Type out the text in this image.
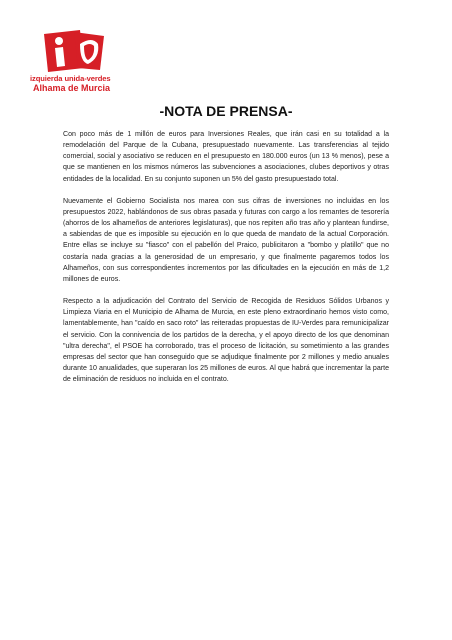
izquierda unida-verdes
Alhama de Murcia
-NOTA DE PRENSA-

Con poco más de 1 millón de euros para Inversiones Reales, que irán casi en su totalidad a la remodelación del Parque de la Cubana, presupuestado nuevamente. Las transferencias al tejido comercial, social y asociativo se reducen en el presupuesto en 180.000 euros (un 13 % menos), pese a que se mantienen en los mismos números las subvenciones a asociaciones, clubes deportivos y otras entidades de la localidad. En su conjunto suponen un 5% del gasto presupuestado total.

Nuevamente el Gobierno Socialista nos marea con sus cifras de inversiones no incluidas en los presupuestos 2022, hablándonos de sus obras pasada y futuras con cargo a los remantes de tesorería (ahorros de los alhameños de anteriores legislaturas), que nos repiten año tras año y plantean fundirse, a sabiendas de que es imposible su ejecución en lo que queda de mandato de la actual Corporación. Entre ellas se incluye su "fiasco" con el pabellón del Praico, publicitaron a "bombo y platillo" que no costaría nada gracias a la generosidad de un empresario, y que finalmente pagaremos todos los Alhameños, con sus correspondientes incrementos por las dificultades en la ejecución en más de 1,2 millones de euros.

Respecto a la adjudicación del Contrato del Servicio de Recogida de Residuos Sólidos Urbanos y Limpieza Viaria en el Municipio de Alhama de Murcia, en este pleno extraordinario hemos visto como, lamentablemente, han "caído en saco roto" las reiteradas propuestas de IU-Verdes para remunicipalizar el servicio. Con la connivencia de los partidos de la derecha, y el apoyo directo de los que denominan "ultra derecha", el PSOE ha corroborado, tras el proceso de licitación, su sometimiento a las grandes empresas del sector que han conseguido que se adjudique finalmente por 2 millones y medio anuales durante 10 anualidades, que superaran los 25 millones de euros. Al que habrá que incrementar la parte de eliminación de residuos no incluida en el contrato.
